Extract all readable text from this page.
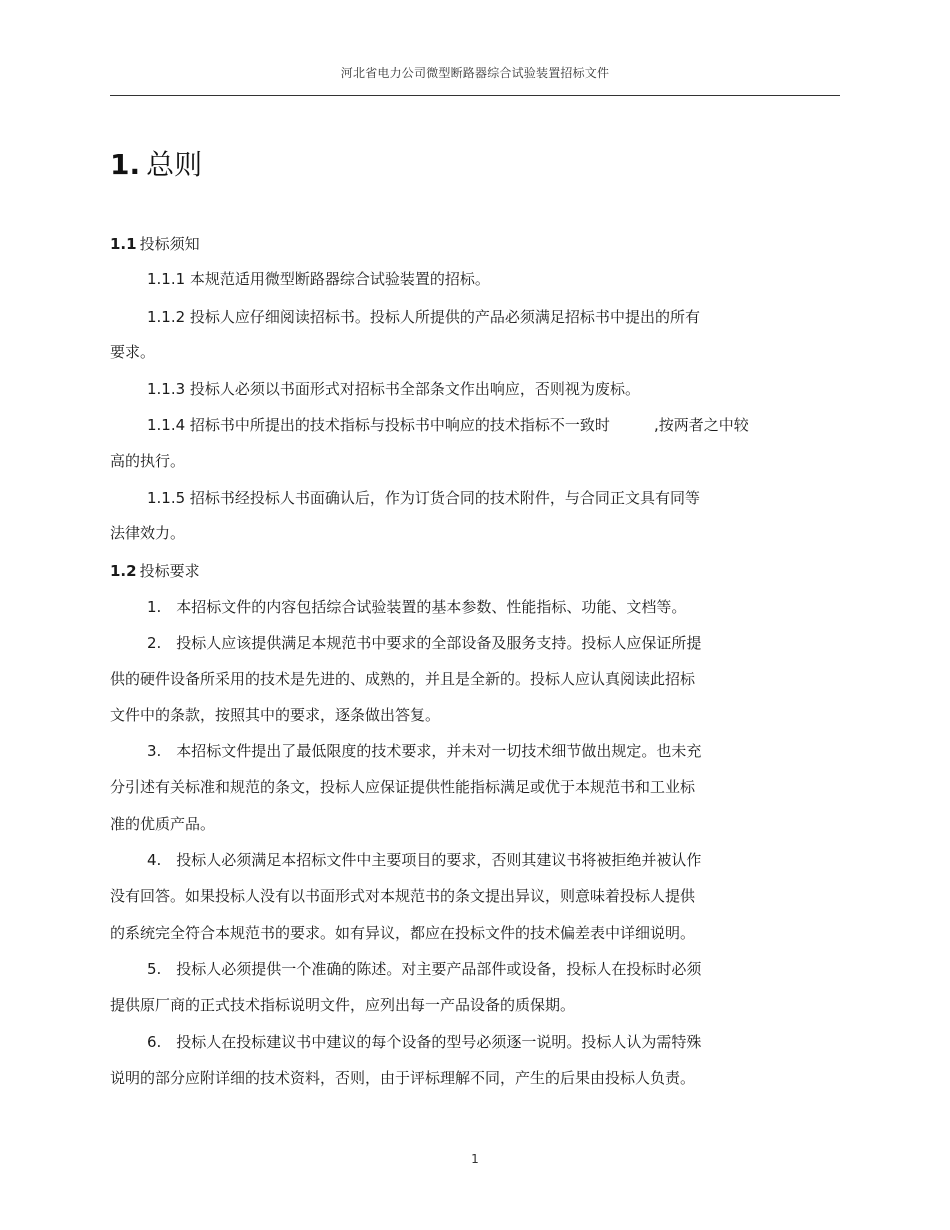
河北省电力公司微型断路器综合试验装置招标文件
1. 总则
1.1 投标须知
1.1.1 本规范适用微型断路器综合试验装置的招标。
1.1.2 投标人应仔细阅读招标书。投标人所提供的产品必须满足招标书中提出的所有
要求。
1.1.3 投标人必须以书面形式对招标书全部条文作出响应，否则视为废标。
1.1.4 招标书中所提出的技术指标与投标书中响应的技术指标不一致时	,按两者之中较
高的执行。
1.1.5 招标书经投标人书面确认后，作为订货合同的技术附件，与合同正文具有同等
法律效力。
1.2 投标要求
1.　本招标文件的内容包括综合试验装置的基本参数、性能指标、功能、文档等。
2.　投标人应该提供满足本规范书中要求的全部设备及服务支持。投标人应保证所提
供的硬件设备所采用的技术是先进的、成熟的，并且是全新的。投标人应认真阅读此招标
文件中的条款，按照其中的要求，逐条做出答复。
3.　本招标文件提出了最低限度的技术要求，并未对一切技术细节做出规定。也未充
分引述有关标准和规范的条文，投标人应保证提供性能指标满足或优于本规范书和工业标
准的优质产品。
4.　投标人必须满足本招标文件中主要项目的要求，否则其建议书将被拒绝并被认作
没有回答。如果投标人没有以书面形式对本规范书的条文提出异议，则意味着投标人提供
的系统完全符合本规范书的要求。如有异议，都应在投标文件的技术偏差表中详细说明。
5.　投标人必须提供一个准确的陈述。对主要产品部件或设备，投标人在投标时必须
提供原厂商的正式技术指标说明文件，应列出每一产品设备的质保期。
6.　投标人在投标建议书中建议的每个设备的型号必须逐一说明。投标人认为需特殊
说明的部分应附详细的技术资料，否则，由于评标理解不同，产生的后果由投标人负责。
1
